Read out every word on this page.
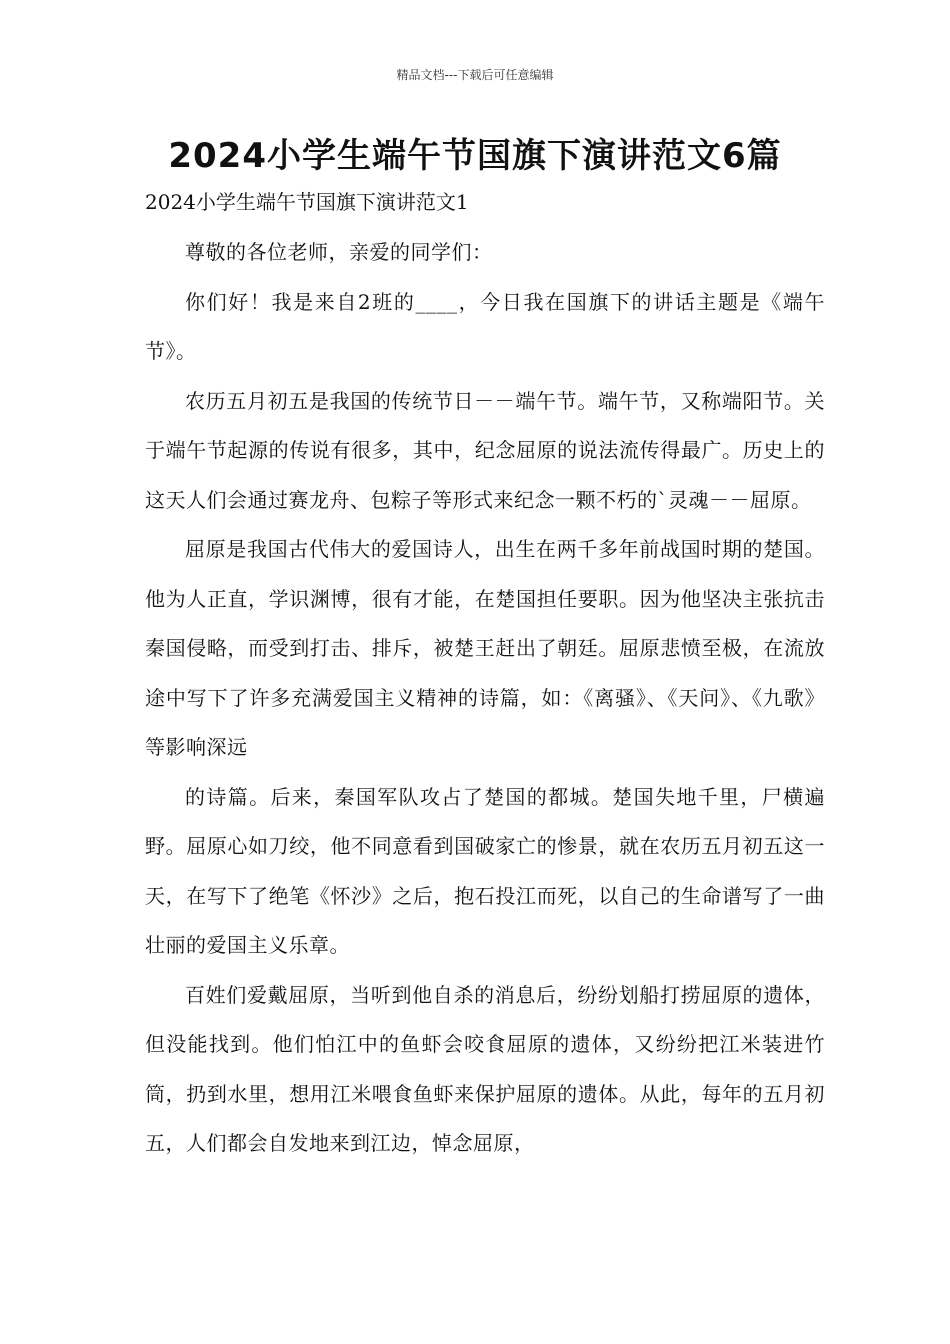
精品文档---下载后可任意编辑
2024小学生端午节国旗下演讲范文6篇

2024小学生端午节国旗下演讲范文1

尊敬的各位老师，亲爱的同学们：

你们好！我是来自2班的____，今日我在国旗下的讲话主题是《端午节》。

农历五月初五是我国的传统节日－－端午节。端午节，又称端阳节。关于端午节起源的传说有很多，其中，纪念屈原的说法流传得最广。历史上的这天人们会通过赛龙舟、包粽子等形式来纪念一颗不朽的`灵魂－－屈原。

屈原是我国古代伟大的爱国诗人，出生在两千多年前战国时期的楚国。他为人正直，学识渊博，很有才能，在楚国担任要职。因为他坚决主张抗击秦国侵略，而受到打击、排斥，被楚王赶出了朝廷。屈原悲愤至极，在流放途中写下了许多充满爱国主义精神的诗篇，如：《离骚》、《天问》、《九歌》等影响深远

的诗篇。后来，秦国军队攻占了楚国的都城。楚国失地千里，尸横遍野。屈原心如刀绞，他不同意看到国破家亡的惨景，就在农历五月初五这一天，在写下了绝笔《怀沙》之后，抱石投江而死，以自己的生命谱写了一曲壮丽的爱国主义乐章。

百姓们爱戴屈原，当听到他自杀的消息后，纷纷划船打捞屈原的遗体，但没能找到。他们怕江中的鱼虾会咬食屈原的遗体，又纷纷把江米装进竹筒，扔到水里，想用江米喂食鱼虾来保护屈原的遗体。从此，每年的五月初五，人们都会自发地来到江边，悼念屈原，
